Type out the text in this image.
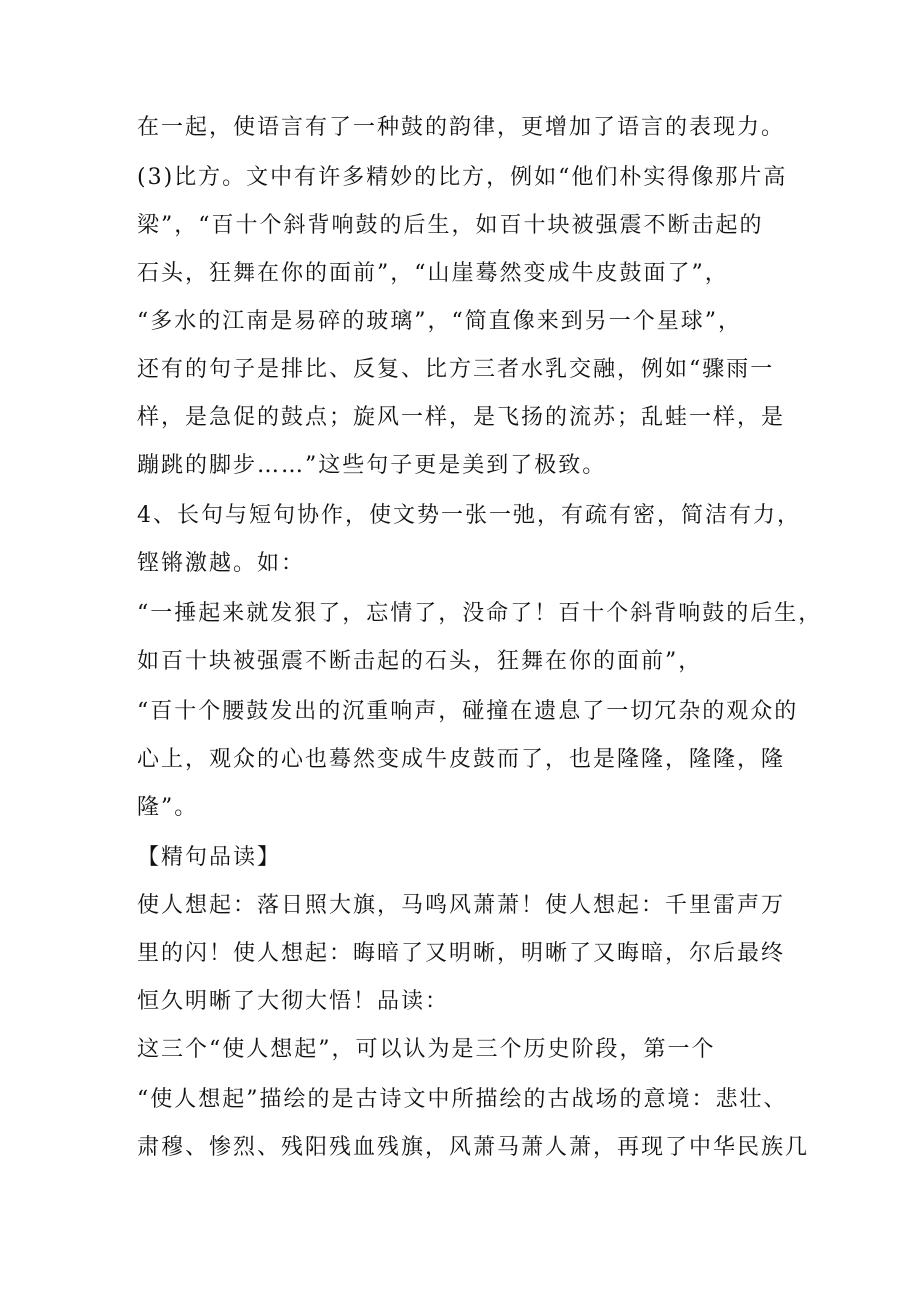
在一起，使语言有了一种鼓的韵律，更增加了语言的表现力。
(3)比方。文中有许多精妙的比方，例如“他们朴实得像那片高
梁”，“百十个斜背响鼓的后生，如百十块被强震不断击起的
石头，狂舞在你的面前”，“山崖蓦然变成牛皮鼓面了”，
“多水的江南是易碎的玻璃”，“简直像来到另一个星球”，
还有的句子是排比、反复、比方三者水乳交融，例如“骤雨一
样，是急促的鼓点；旋风一样，是飞扬的流苏；乱蛙一样，是
蹦跳的脚步……”这些句子更是美到了极致。
4、长句与短句协作，使文势一张一弛，有疏有密，简洁有力，
铿锵激越。如：
“一捶起来就发狠了，忘情了，没命了！百十个斜背响鼓的后生，
如百十块被强震不断击起的石头，狂舞在你的面前”，
“百十个腰鼓发出的沉重响声，碰撞在遗息了一切冗杂的观众的
心上，观众的心也蓦然变成牛皮鼓而了，也是隆隆，隆隆，隆
隆”。
【精句品读】
使人想起：落日照大旗，马鸣风萧萧！使人想起：千里雷声万
里的闪！使人想起：晦暗了又明晰，明晰了又晦暗，尔后最终
恒久明晰了大彻大悟！品读：
这三个“使人想起”，可以认为是三个历史阶段，第一个
“使人想起”描绘的是古诗文中所描绘的古战场的意境：悲壮、
肃穆、惨烈、残阳残血残旗，风萧马萧人萧，再现了中华民族几
